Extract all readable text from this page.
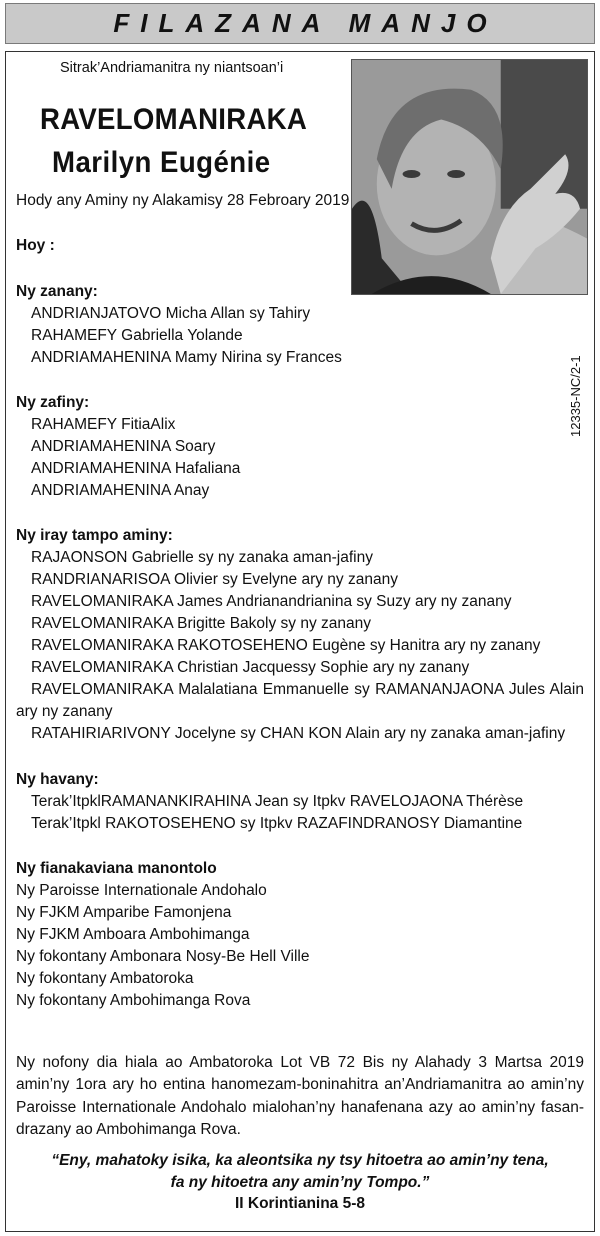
FILAZANA MANJO

Sitrak’Andriamanitra ny niantsoan’i

RAVELOMANIRAKA

Marilyn Eugénie

Hody any Aminy ny Alakamisy 28 Febroary 2019

12335-NC/2-1
Hoy :
Ny zanany:
ANDRIANJATOVO Micha Allan sy Tahiry
RAHAMEFY Gabriella Yolande
ANDRIAMAHENINA Mamy Nirina sy Frances
Ny zafiny:
RAHAMEFY FitiaAlix
ANDRIAMAHENINA Soary
ANDRIAMAHENINA Hafaliana
ANDRIAMAHENINA Anay
Ny iray tampo aminy:
RAJAONSON Gabrielle sy ny zanaka aman-jafiny
RANDRIANARISOA Olivier sy Evelyne ary ny zanany
RAVELOMANIRAKA James Andrianandrianina sy Suzy ary ny zanany
RAVELOMANIRAKA Brigitte Bakoly sy ny zanany
RAVELOMANIRAKA RAKOTOSEHENO Eugène sy Hanitra ary ny zanany
RAVELOMANIRAKA Christian Jacquessy Sophie ary ny zanany
RAVELOMANIRAKA Malalatiana Emmanuelle sy RAMANANJAONA Jules Alain
ary ny zanany
RATAHIRIARIVONY Jocelyne sy CHAN KON Alain ary ny zanaka aman-jafiny
Ny havany:
Terak’ItpklRAMANANKIRAHINA Jean sy Itpkv RAVELOJAONA Thérèse
Terak’Itpkl RAKOTOSEHENO sy Itpkv RAZAFINDRANOSY Diamantine
Ny fianakaviana manontolo
Ny Paroisse Internationale Andohalo
Ny FJKM Amparibe Famonjena
Ny FJKM Amboara Ambohimanga
Ny fokontany Ambonara Nosy-Be Hell Ville
Ny fokontany Ambatoroka
Ny fokontany Ambohimanga Rova

Ny nofony dia hiala ao Ambatoroka Lot VB 72 Bis ny Alahady 3 Martsa 2019 amin’ny 1ora ary ho entina hanomezam-boninahitra an’Andriamanitra ao amin’ny Paroisse Internationale Andohalo mialohan’ny hanafenana azy ao amin’ny fasan-drazany ao Ambohimanga Rova.

“Eny, mahatoky isika, ka aleontsika ny tsy hitoetra ao amin’ny tena,
fa ny hitoetra any amin’ny Tompo.”
II Korintianina 5-8
